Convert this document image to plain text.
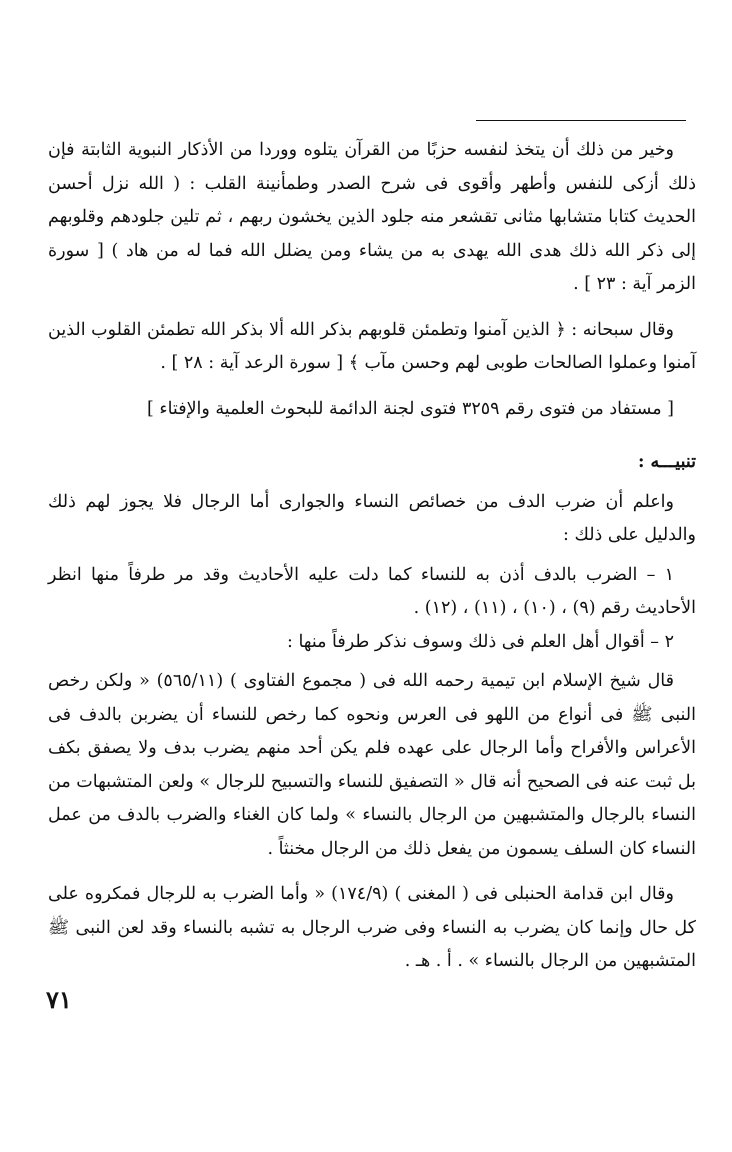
وخير من ذلك أن يتخذ لنفسه حزبًا من القرآن يتلوه ووردا من الأذكار النبوية الثابتة فإن ذلك أزكى للنفس وأطهر وأقوى فى شرح الصدر وطمأنينة القلب : ( الله نزل أحسن الحديث كتابا متشابها مثانى تقشعر منه جلود الذين يخشون ربهم ، ثم تلين جلودهم وقلوبهم إلى ذكر الله ذلك هدى الله يهدى به من يشاء ومن يضلل الله فما له من هاد ) [ سورة الزمر آية : ٢٣ ] .

وقال سبحانه : ﴿ الذين آمنوا وتطمئن قلوبهم بذكر الله ألا بذكر الله تطمئن القلوب الذين آمنوا وعملوا الصالحات طوبى لهم وحسن مآب ﴾ [ سورة الرعد آية : ٢٨ ] .

[ مستفاد من فتوى رقم ٣٢٥٩ فتوى لجنة الدائمة للبحوث العلمية والإفتاء ]

تنبيـــه :

واعلم أن ضرب الدف من خصائص النساء والجوارى أما الرجال فلا يجوز لهم ذلك والدليل على ذلك :

١ – الضرب بالدف أذن به للنساء كما دلت عليه الأحاديث وقد مر طرفاً منها انظر الأحاديث رقم (٩) ، (١٠) ، (١١) ، (١٢) .

٢ – أقوال أهل العلم فى ذلك وسوف نذكر طرفاً منها :

قال شيخ الإسلام ابن تيمية رحمه الله فى ( مجموع الفتاوى ) (٥٦٥/١١) « ولكن رخص النبى ﷺ فى أنواع من اللهو فى العرس ونحوه كما رخص للنساء أن يضربن بالدف فى الأعراس والأفراح وأما الرجال على عهده فلم يكن أحد منهم يضرب بدف ولا يصفق بكف بل ثبت عنه فى الصحيح أنه قال « التصفيق للنساء والتسبيح للرجال » ولعن المتشبهات من النساء بالرجال والمتشبهين من الرجال بالنساء » ولما كان الغناء والضرب بالدف من عمل النساء كان السلف يسمون من يفعل ذلك من الرجال مخنثاً .

وقال ابن قدامة الحنبلى فى ( المغنى ) (١٧٤/٩) « وأما الضرب به للرجال فمكروه على كل حال وإنما كان يضرب به النساء وفى ضرب الرجال به تشبه بالنساء وقد لعن النبى ﷺ المتشبهين من الرجال بالنساء » . أ . هـ .

٧١
